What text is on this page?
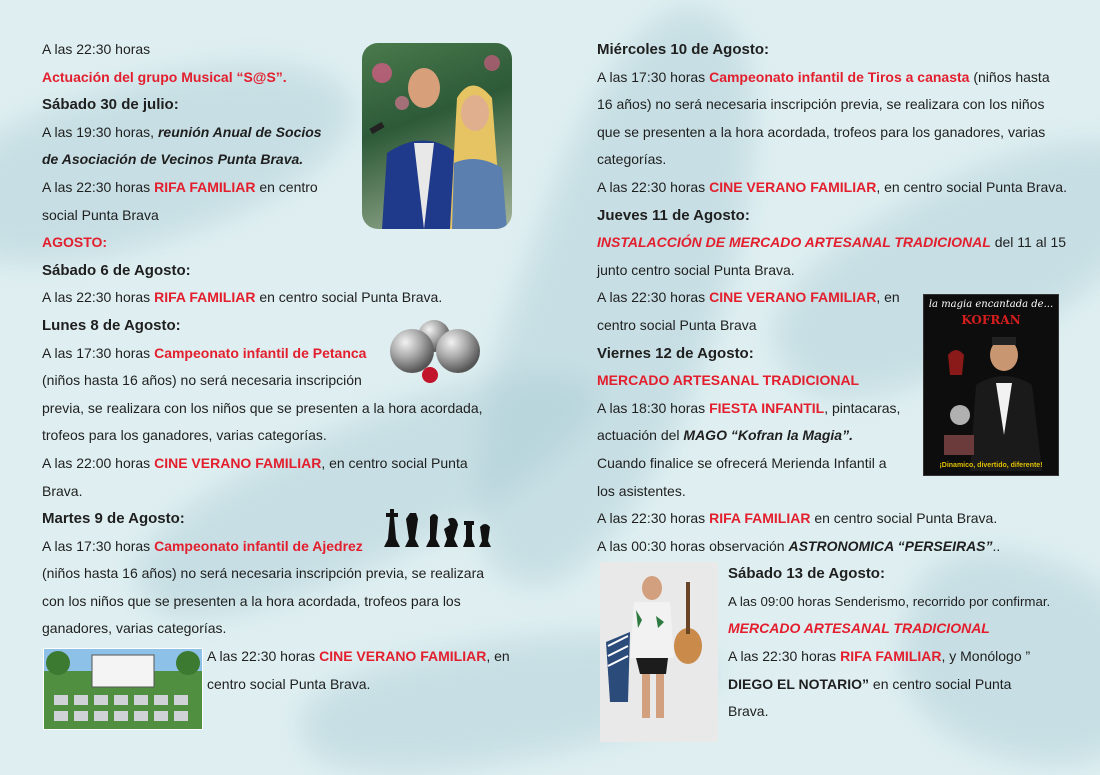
A las 22:30 horas
Actuación del grupo Musical “S@S”.
Sábado 30 de julio:
A las 19:30 horas, reunión Anual de Socios
de Asociación de Vecinos Punta Brava.
A las 22:30 horas RIFA FAMILIAR en centro
social Punta Brava
AGOSTO:
Sábado 6 de Agosto:
A las 22:30 horas RIFA FAMILIAR en centro social Punta Brava.
Lunes 8 de Agosto:
A las 17:30 horas Campeonato infantil de Petanca
(niños hasta 16 años) no será necesaria inscripción
previa, se realizara con los niños que se presenten a la hora acordada,
trofeos para los ganadores, varias categorías.
A las 22:00 horas CINE VERANO FAMILIAR, en centro social Punta
Brava.
Martes 9 de Agosto:
A las 17:30 horas Campeonato infantil de Ajedrez
(niños hasta 16 años) no será necesaria inscripción previa, se realizara
con los niños que se presenten a la hora acordada, trofeos para los
ganadores, varias categorías.
A las 22:30 horas CINE VERANO FAMILIAR, en
centro social Punta Brava.
Miércoles 10 de Agosto:
A las 17:30 horas Campeonato infantil de Tiros a canasta (niños hasta
16 años) no será necesaria inscripción previa, se realizara con los niños
que se presenten a la hora acordada, trofeos para los ganadores, varias
categorías.
A las 22:30 horas CINE VERANO FAMILIAR, en centro social Punta Brava.
Jueves 11 de Agosto:
INSTALACCIÓN DE MERCADO ARTESANAL TRADICIONAL del 11 al 15
junto centro social Punta Brava.
A las 22:30 horas CINE VERANO FAMILIAR, en
centro social Punta Brava
Viernes 12 de Agosto:
MERCADO ARTESANAL TRADICIONAL
A las 18:30 horas FIESTA INFANTIL, pintacaras,
actuación del MAGO “Kofran la Magia”.
Cuando finalice se ofrecerá Merienda Infantil a
los asistentes.
A las 22:30 horas RIFA FAMILIAR en centro social Punta Brava.
A las 00:30 horas observación ASTRONOMICA “PERSEIRAS”..
Sábado 13 de Agosto:
A las 09:00 horas Senderismo, recorrido por confirmar.
MERCADO ARTESANAL TRADICIONAL
A las 22:30 horas RIFA FAMILIAR, y Monólogo ”
DIEGO EL NOTARIO” en centro social Punta
Brava.
la magia encantada de...
KOFRAN
¡Dinamico, divertido, diferente!
